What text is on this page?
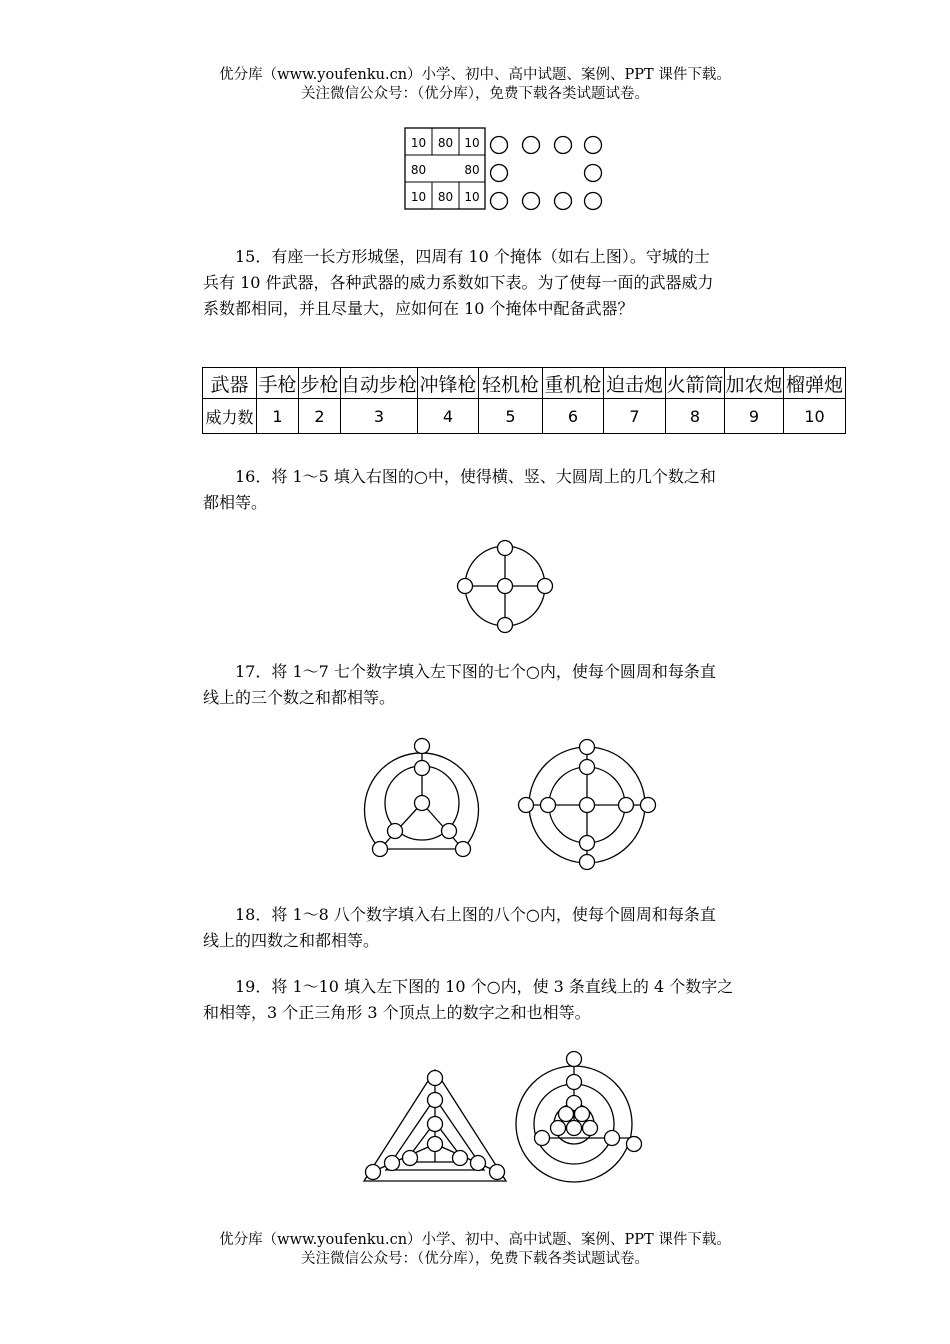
优分库（www.youfenku.cn）小学、初中、高中试题、案例、PPT 课件下载。
关注微信公众号：（优分库），免费下载各类试题试卷。
10 80 10
80	80
10 80 10

15．有座一长方形城堡，四周有 10 个掩体（如右上图）。守城的士

兵有 10 件武器，各种武器的威力系数如下表。为了使每一面的武器威力

系数都相同，并且尽量大，应如何在 10 个掩体中配备武器？

武器	手枪	步枪	自动步枪	冲锋枪	轻机枪	重机枪	迫击炮	火箭筒	加农炮	榴弹炮
威力数	1	2	3	4	5	6	7	8	9	10

16．将 1～5 填入右图的○中，使得横、竖、大圆周上的几个数之和

都相等。

17．将 1～7 七个数字填入左下图的七个○内，使每个圆周和每条直

线上的三个数之和都相等。

18．将 1～8 八个数字填入右上图的八个○内，使每个圆周和每条直

线上的四数之和都相等。

19．将 1～10 填入左下图的 10 个○内，使 3 条直线上的 4 个数字之

和相等，3 个正三角形 3 个顶点上的数字之和也相等。

优分库（www.youfenku.cn）小学、初中、高中试题、案例、PPT 课件下载。
关注微信公众号：（优分库），免费下载各类试题试卷。
